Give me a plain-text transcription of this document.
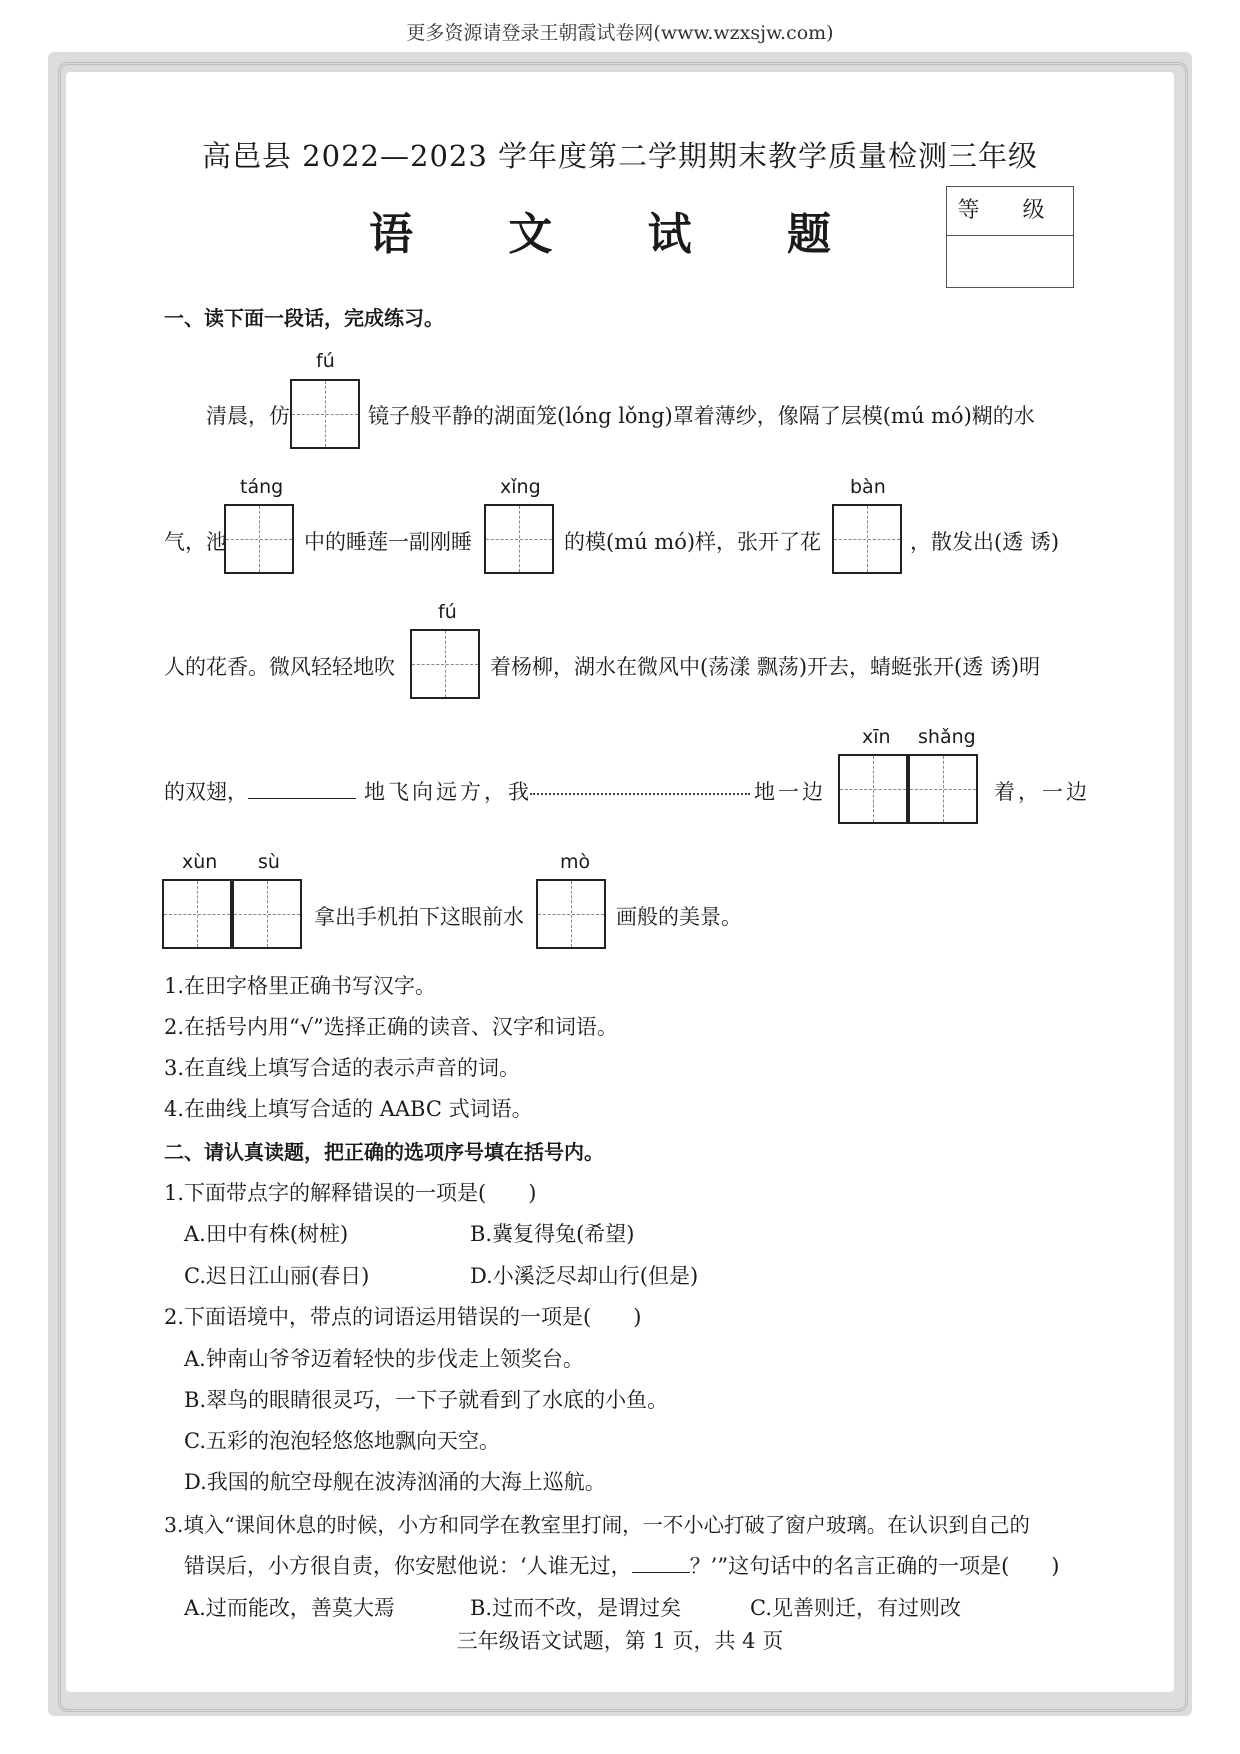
更多资源请登录王朝霞试卷网(www.wzxsjw.com)
高邑县 2022—2023 学年度第二学期期末教学质量检测三年级
语 文 试 题	等 级
一、读下面一段话，完成练习。
fú
清晨，仿	镜子般平静的湖面笼(lóng lǒng)罩着薄纱，像隔了层模(mú mó)糊的水
táng	xǐng	bàn
气，池	中的睡莲一副刚睡	的模(mú mó)样，张开了花	，散发出(透 诱)
fú
人的花香。微风轻轻地吹	着杨柳，湖水在微风中(荡漾 飘荡)开去，蜻蜓张开(透 诱)明
xīn shǎng
的双翅，	地飞向远方，我	地一边	着，一边
xùn sù	mò
拿出手机拍下这眼前水	画般的美景。
1.在田字格里正确书写汉字。
2.在括号内用“√”选择正确的读音、汉字和词语。
3.在直线上填写合适的表示声音的词。
4.在曲线上填写合适的 AABC 式词语。
二、请认真读题，把正确的选项序号填在括号内。
1.下面带点字的解释错误的一项是(　　)
A.田中有株(树桩)	B.冀复得兔(希望)
C.迟日江山丽(春日)	D.小溪泛尽却山行(但是)
2.下面语境中，带点的词语运用错误的一项是(　　)
A.钟南山爷爷迈着轻快的步伐走上领奖台。
B.翠鸟的眼睛很灵巧，一下子就看到了水底的小鱼。
C.五彩的泡泡轻悠悠地飘向天空。
D.我国的航空母舰在波涛汹涌的大海上巡航。
3.填入“课间休息的时候，小方和同学在教室里打闹，一不小心打破了窗户玻璃。在认识到自己的
错误后，小方很自责，你安慰他说：‘人谁无过，	？’”这句话中的名言正确的一项是(　　)
A.过而能改，善莫大焉	B.过而不改，是谓过矣	C.见善则迁，有过则改
三年级语文试题，第 1 页，共 4 页
